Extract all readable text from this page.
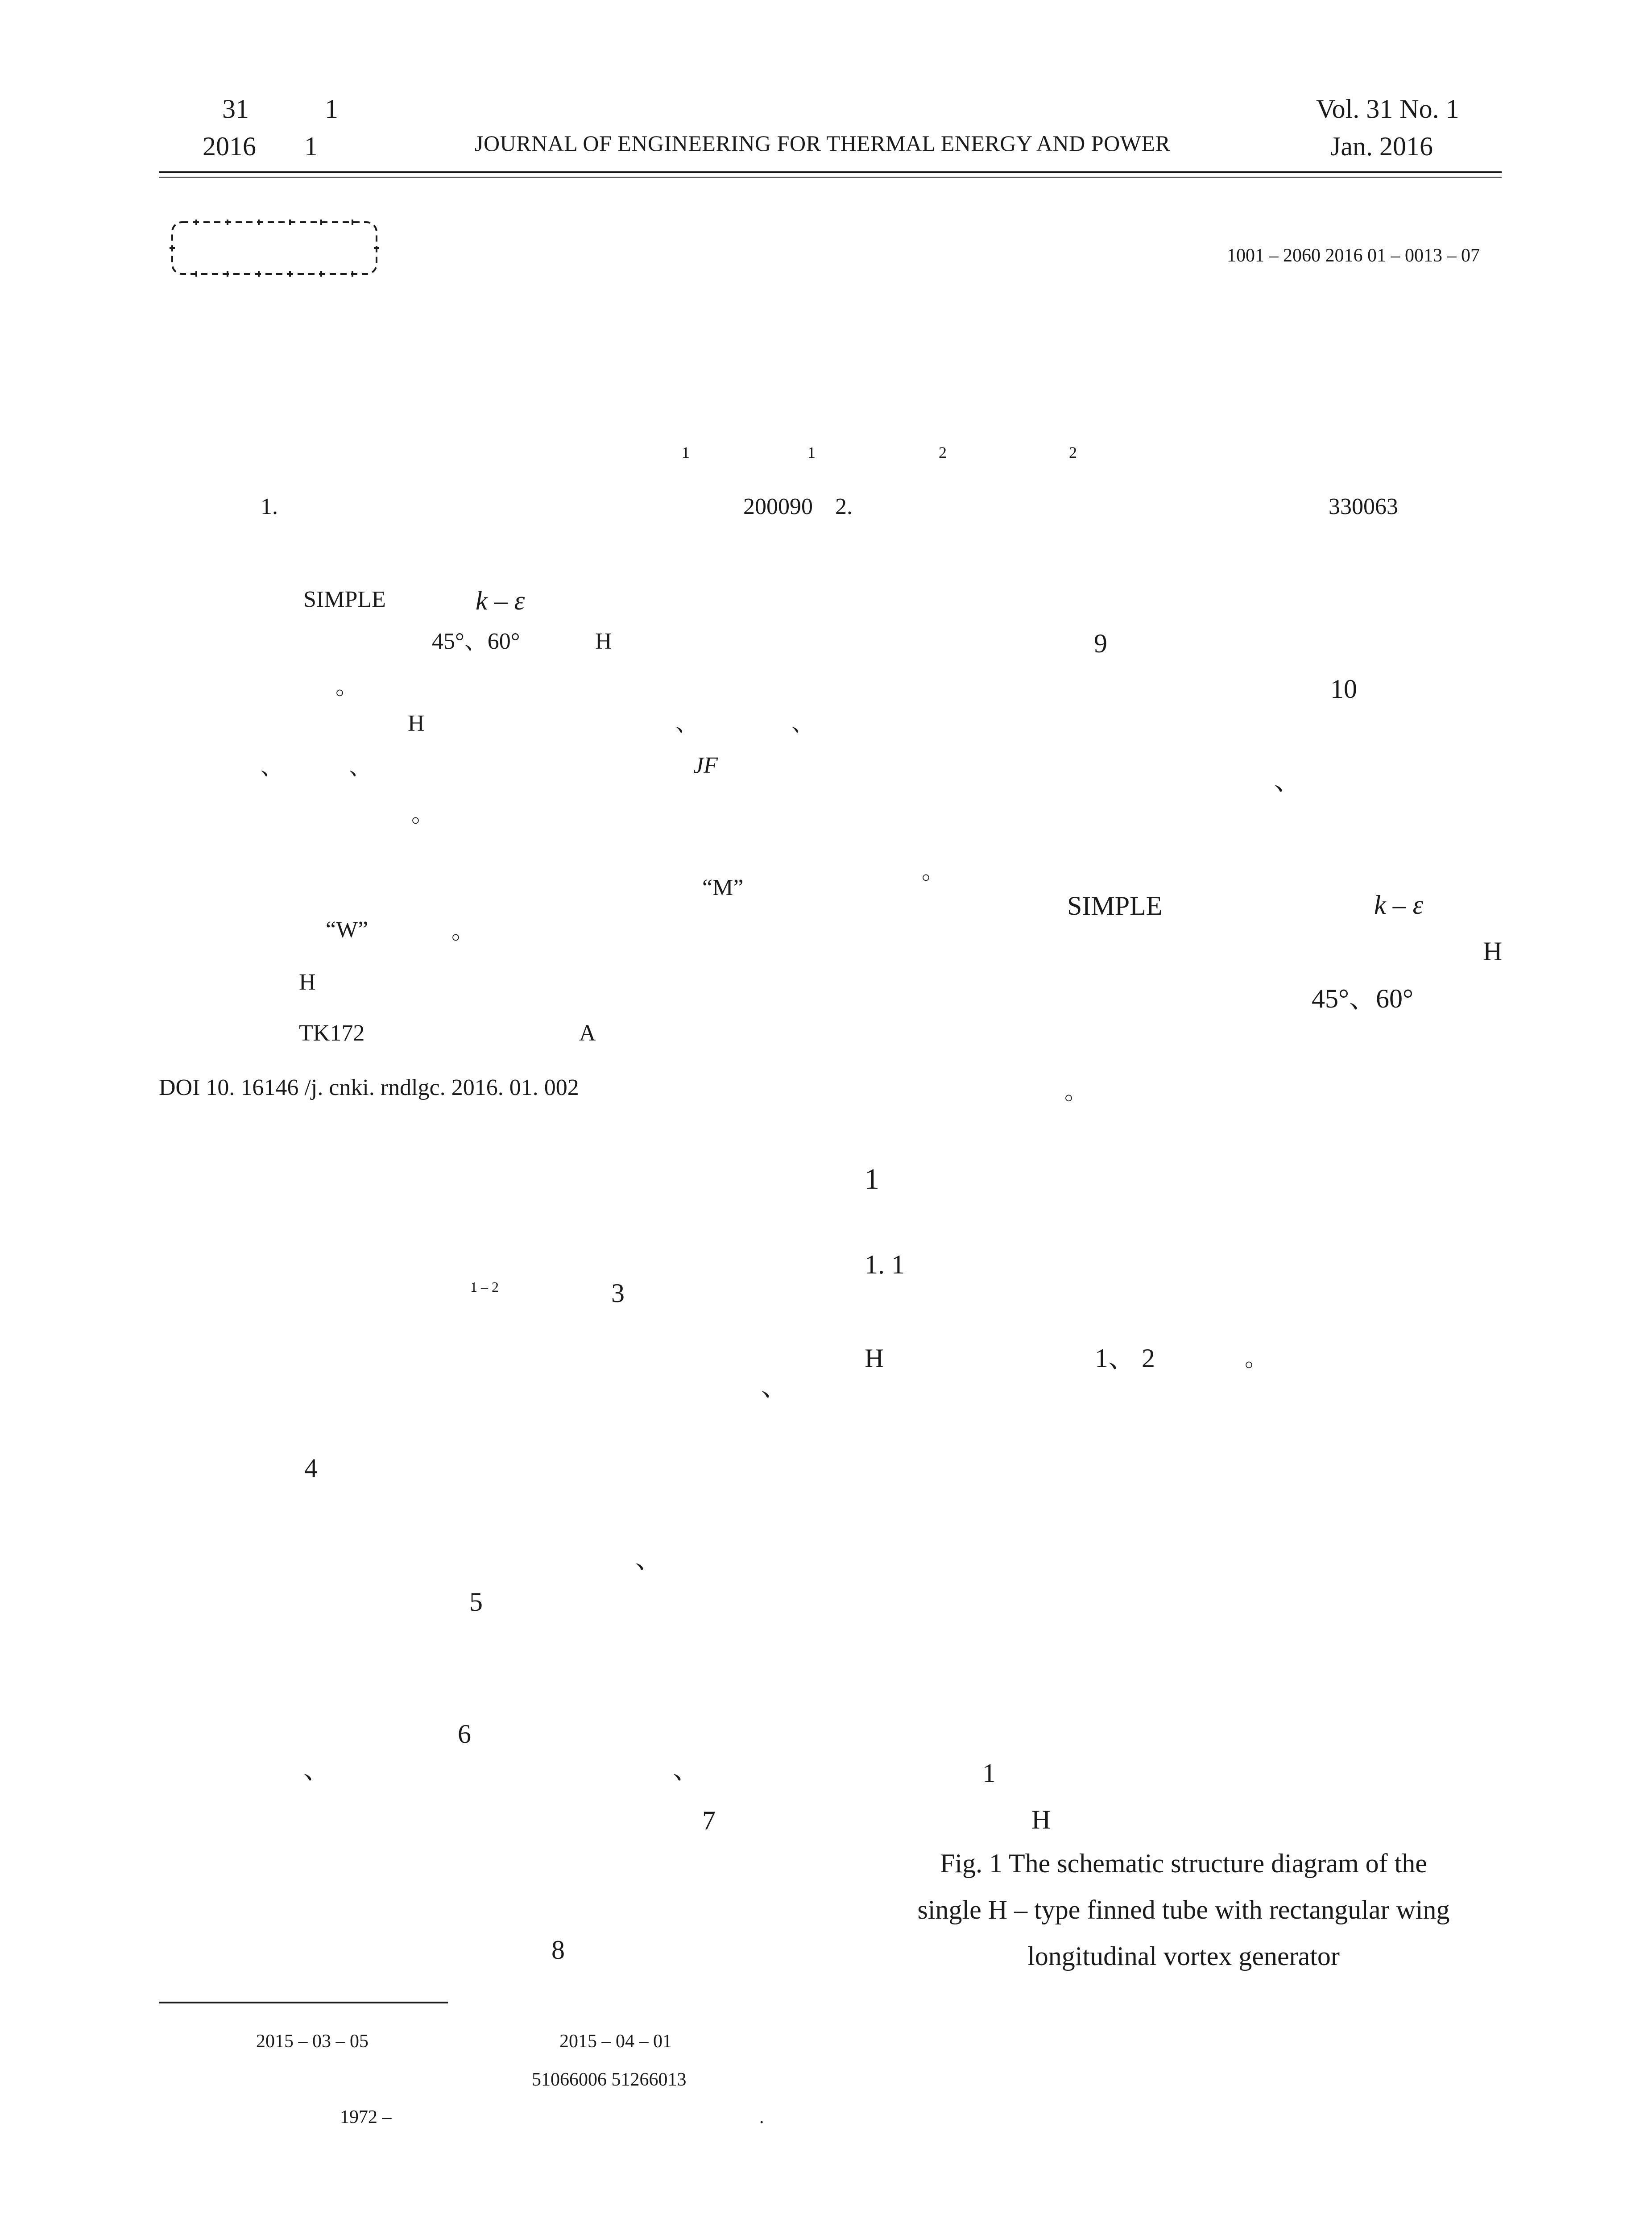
31	1
2016 1	JOURNAL OF ENGINEERING FOR THERMAL ENERGY AND POWER
Vol. 31 No. 1
Jan. 2016
1001 – 2060 2016 01 – 0013 – 07
1	1	2	2
1.	200090 2.	330063
SIMPLE	k – ε
45°、60°	H
。
H	、	、
、	、	JF
。
“M”
“W”	。
H
TK172	A
DOI 10. 16146 /j. cnki. rndlgc. 2016. 01. 002
9
10
、
。
SIMPLE	k – ε
H
45°、60°
。
1
1. 1
H	1、 2	。
1 – 2	3
、
4
、
5
6
、	、
7
8
1
H
Fig. 1 The schematic structure diagram of the
single H – type finned tube with rectangular wing
longitudinal vortex generator
2015 – 03 – 05	2015 – 04 – 01
51066006 51266013
1972 –	.
